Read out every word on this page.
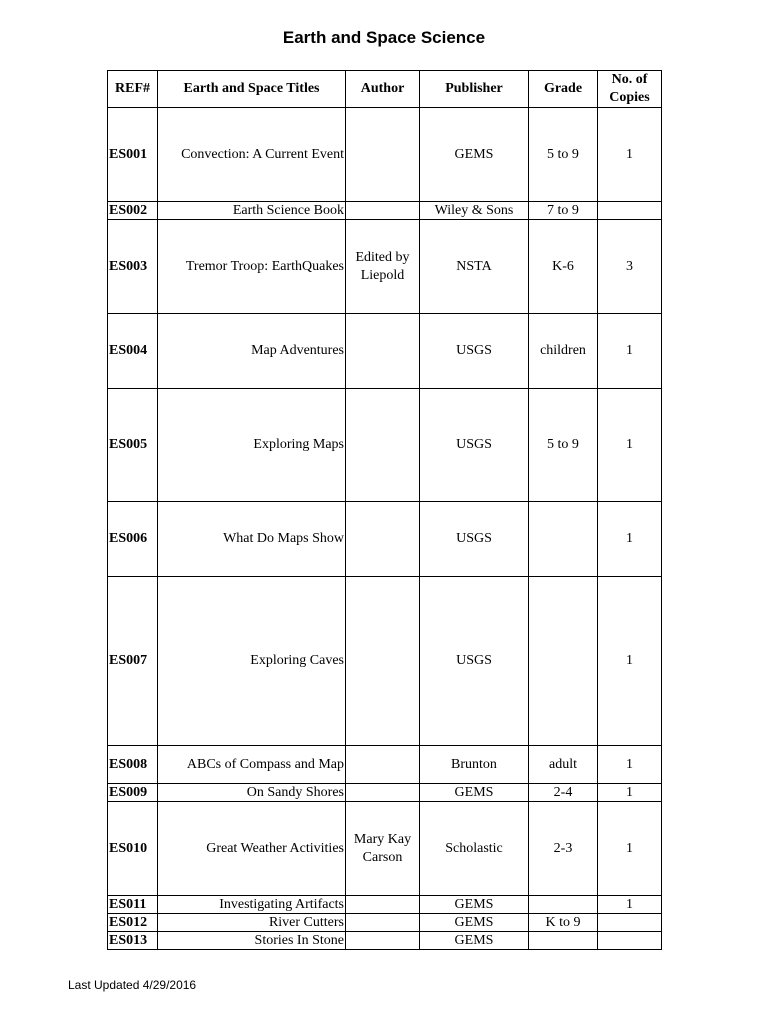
Earth and Space Science
REF#	Earth and Space Titles	Author	Publisher	Grade	No. of
Copies
ES001	Convection: A Current Event		GEMS	5 to 9	1
ES002	Earth Science Book		Wiley & Sons	7 to 9	
ES003	Tremor Troop: EarthQuakes	Edited by Liepold	NSTA	K-6	3
ES004	Map Adventures		USGS	children	1
ES005	Exploring Maps		USGS	5 to 9	1
ES006	What Do Maps Show		USGS		1
ES007	Exploring Caves		USGS		1
ES008	ABCs of Compass and Map		Brunton	adult	1
ES009	On Sandy Shores		GEMS	2-4	1
ES010	Great Weather Activities	Mary Kay Carson	Scholastic	2-3	1
ES011	Investigating Artifacts		GEMS		1
ES012	River Cutters		GEMS	K to 9	
ES013	Stories In Stone		GEMS		
Last Updated 4/29/2016
